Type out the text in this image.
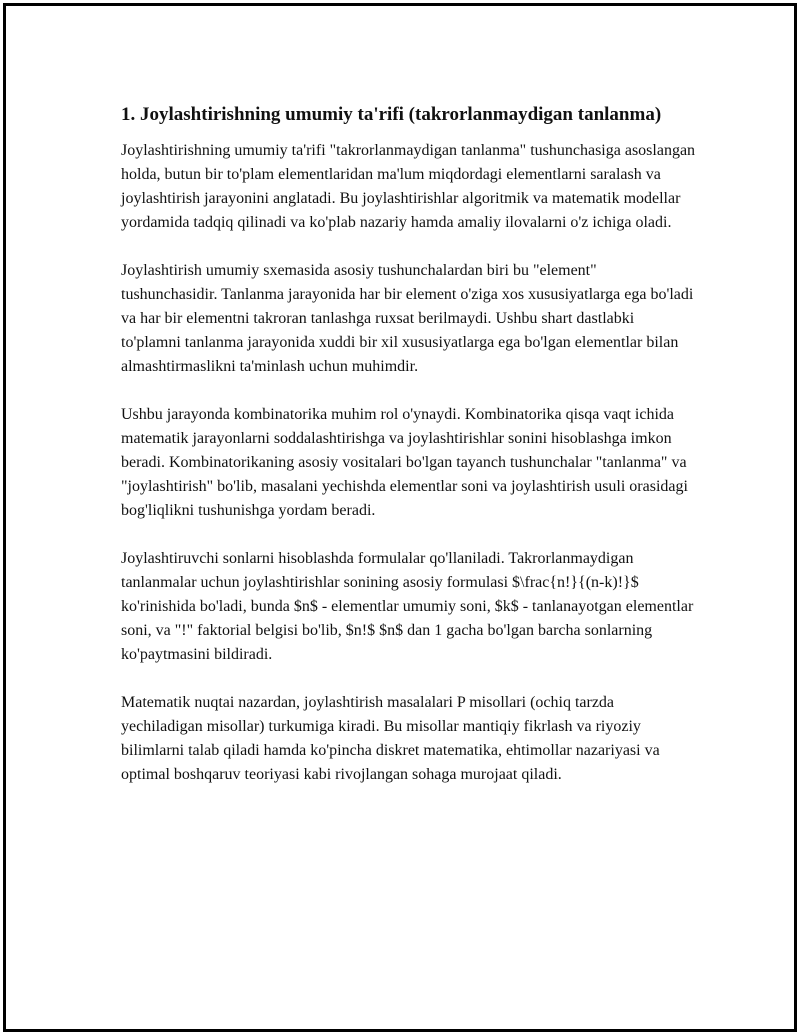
1. Joylashtirishning umumiy ta'rifi (takrorlanmaydigan tanlanma)

Joylashtirishning umumiy ta'rifi "takrorlanmaydigan tanlanma" tushunchasiga asoslangan holda, butun bir to'plam elementlaridan ma'lum miqdordagi elementlarni saralash va joylashtirish jarayonini anglatadi. Bu joylashtirishlar algoritmik va matematik modellar yordamida tadqiq qilinadi va ko'plab nazariy hamda amaliy ilovalarni o'z ichiga oladi.

Joylashtirish umumiy sxemasida asosiy tushunchalardan biri bu "element" tushunchasidir. Tanlanma jarayonida har bir element o'ziga xos xususiyatlarga ega bo'ladi va har bir elementni takroran tanlashga ruxsat berilmaydi. Ushbu shart dastlabki to'plamni tanlanma jarayonida xuddi bir xil xususiyatlarga ega bo'lgan elementlar bilan almashtirmaslikni ta'minlash uchun muhimdir.

Ushbu jarayonda kombinatorika muhim rol o'ynaydi. Kombinatorika qisqa vaqt ichida matematik jarayonlarni soddalashtirishga va joylashtirishlar sonini hisoblashga imkon beradi. Kombinatorikaning asosiy vositalari bo'lgan tayanch tushunchalar "tanlanma" va "joylashtirish" bo'lib, masalani yechishda elementlar soni va joylashtirish usuli orasidagi bog'liqlikni tushunishga yordam beradi.

Joylashtiruvchi sonlarni hisoblashda formulalar qo'llaniladi. Takrorlanmaydigan tanlanmalar uchun joylashtirishlar sonining asosiy formulasi $\frac{n!}{(n-k)!}$ ko'rinishida bo'ladi, bunda $n$ - elementlar umumiy soni, $k$ - tanlanayotgan elementlar soni, va "!" faktorial belgisi bo'lib, $n!$ $n$ dan 1 gacha bo'lgan barcha sonlarning ko'paytmasini bildiradi.

Matematik nuqtai nazardan, joylashtirish masalalari P misollari (ochiq tarzda yechiladigan misollar) turkumiga kiradi. Bu misollar mantiqiy fikrlash va riyoziy bilimlarni talab qiladi hamda ko'pincha diskret matematika, ehtimollar nazariyasi va optimal boshqaruv teoriyasi kabi rivojlangan sohaga murojaat qiladi.
